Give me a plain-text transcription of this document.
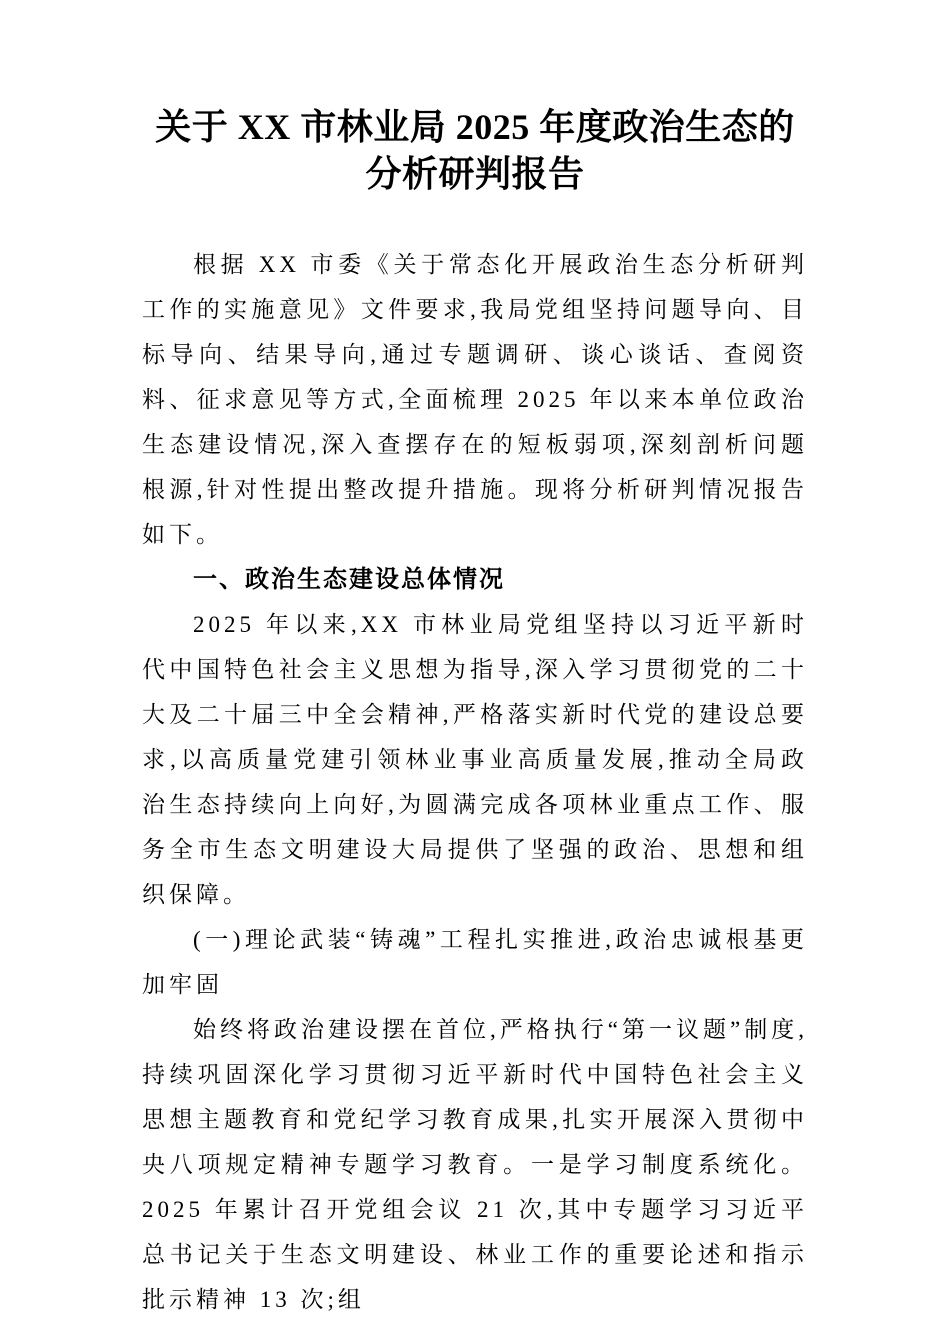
关于 XX 市林业局 2025 年度政治生态的分析研判报告

根据 XX 市委《关于常态化开展政治生态分析研判工作的实施意见》文件要求,我局党组坚持问题导向、目标导向、结果导向,通过专题调研、谈心谈话、查阅资料、征求意见等方式,全面梳理 2025 年以来本单位政治生态建设情况,深入查摆存在的短板弱项,深刻剖析问题根源,针对性提出整改提升措施。现将分析研判情况报告如下。

一、政治生态建设总体情况

2025 年以来,XX 市林业局党组坚持以习近平新时代中国特色社会主义思想为指导,深入学习贯彻党的二十大及二十届三中全会精神,严格落实新时代党的建设总要求,以高质量党建引领林业事业高质量发展,推动全局政治生态持续向上向好,为圆满完成各项林业重点工作、服务全市生态文明建设大局提供了坚强的政治、思想和组织保障。

(一)理论武装“铸魂”工程扎实推进,政治忠诚根基更加牢固

始终将政治建设摆在首位,严格执行“第一议题”制度,持续巩固深化学习贯彻习近平新时代中国特色社会主义思想主题教育和党纪学习教育成果,扎实开展深入贯彻中央八项规定精神专题学习教育。一是学习制度系统化。2025 年累计召开党组会议 21 次,其中专题学习习近平总书记关于生态文明建设、林业工作的重要论述和指示批示精神 13 次;组
